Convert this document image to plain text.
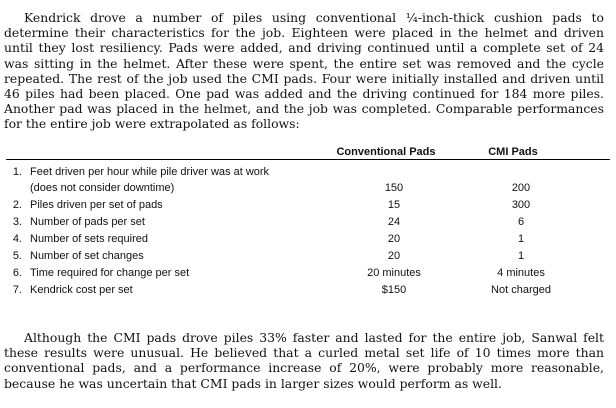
Kendrick drove a number of piles using conventional ¼-inch-thick cushion pads to determine their characteristics for the job. Eighteen were placed in the helmet and driven until they lost resiliency. Pads were added, and driving continued until a complete set of 24 was sitting in the helmet. After these were spent, the entire set was removed and the cycle repeated. The rest of the job used the CMI pads. Four were initially installed and driven until 46 piles had been placed. One pad was added and the driving continued for 184 more piles. Another pad was placed in the helmet, and the job was completed. Comparable performances for the entire job were extrapolated as follows:

Conventional Pads	CMI Pads
1. Feet driven per hour while pile driver was at work
(does not consider downtime)	150	200
2. Piles driven per set of pads	15	300
3. Number of pads per set	24	6
4. Number of sets required	20	1
5. Number of set changes	20	1
6. Time required for change per set	20 minutes	4 minutes
7. Kendrick cost per set	$150	Not charged

Although the CMI pads drove piles 33% faster and lasted for the entire job, Sanwal felt these results were unusual. He believed that a curled metal set life of 10 times more than conventional pads, and a performance increase of 20%, were probably more reasonable, because he was uncertain that CMI pads in larger sizes would perform as well.
